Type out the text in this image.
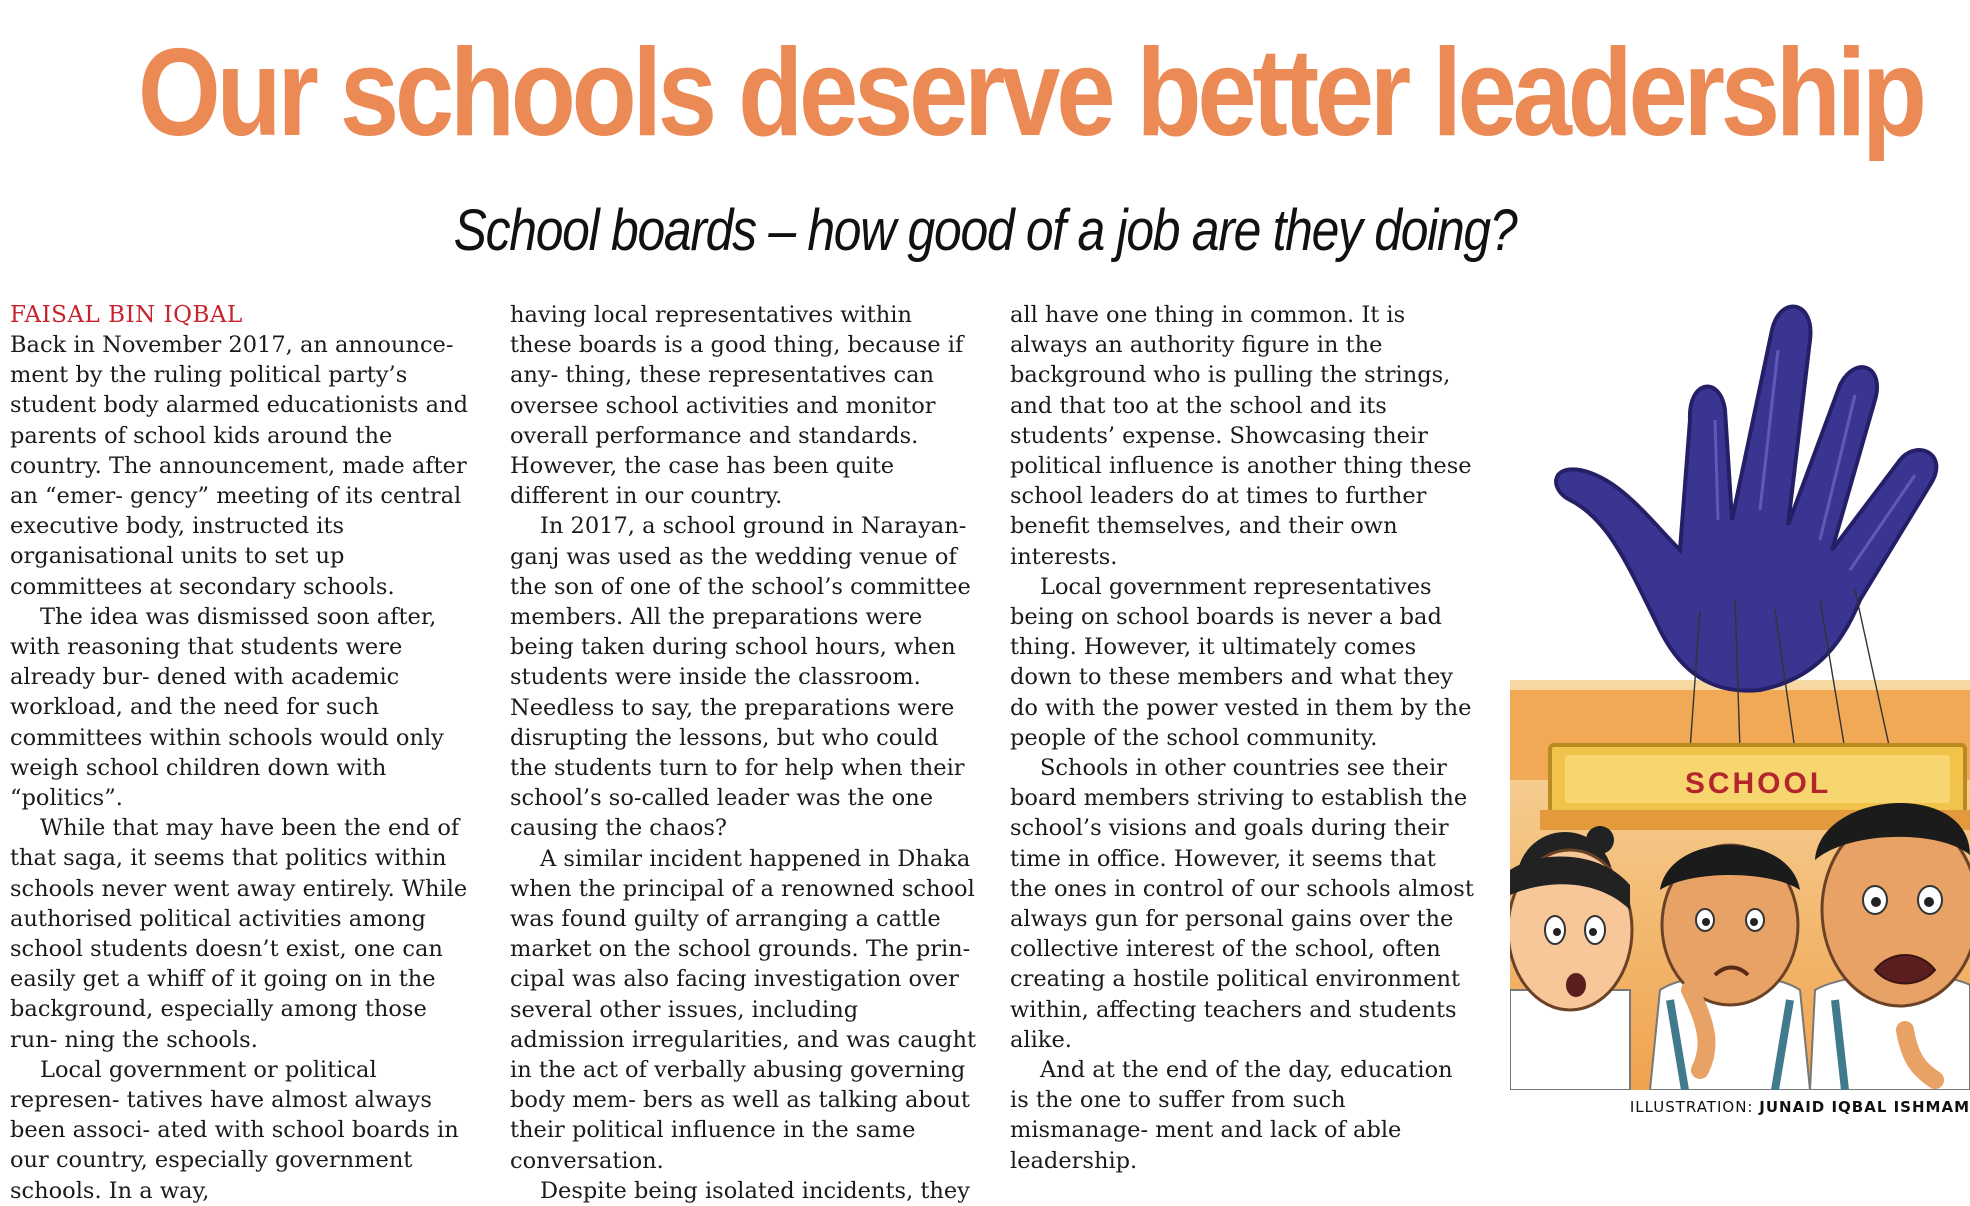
Our schools deserve better leadership
School boards – how good of a job are they doing?
FAISAL BIN IQBAL

Back in November 2017, an announce- ment by the ruling political party’s student body alarmed educationists and parents of school kids around the country. The announcement, made after an “emer- gency” meeting of its central executive body, instructed its organisational units to set up committees at secondary schools.

The idea was dismissed soon after, with reasoning that students were already bur- dened with academic workload, and the need for such committees within schools would only weigh school children down with “politics”.

While that may have been the end of that saga, it seems that politics within schools never went away entirely. While authorised political activities among school students doesn’t exist, one can easily get a whiff of it going on in the background, especially among those run- ning the schools.

Local government or political represen- tatives have almost always been associ- ated with school boards in our country, especially government schools. In a way,

having local representatives within these boards is a good thing, because if any- thing, these representatives can oversee school activities and monitor overall performance and standards. However, the case has been quite different in our country.

In 2017, a school ground in Narayan- ganj was used as the wedding venue of the son of one of the school’s committee members. All the preparations were being taken during school hours, when students were inside the classroom. Needless to say, the preparations were disrupting the lessons, but who could the students turn to for help when their school’s so-called leader was the one causing the chaos?

A similar incident happened in Dhaka when the principal of a renowned school was found guilty of arranging a cattle market on the school grounds. The prin- cipal was also facing investigation over several other issues, including admission irregularities, and was caught in the act of verbally abusing governing body mem- bers as well as talking about their political influence in the same conversation.

Despite being isolated incidents, they

all have one thing in common. It is always an authority figure in the background who is pulling the strings, and that too at the school and its students’ expense. Showcasing their political influence is another thing these school leaders do at times to further benefit themselves, and their own interests.

Local government representatives being on school boards is never a bad thing. However, it ultimately comes down to these members and what they do with the power vested in them by the people of the school community.

Schools in other countries see their board members striving to establish the school’s visions and goals during their time in office. However, it seems that the ones in control of our schools almost always gun for personal gains over the collective interest of the school, often creating a hostile political environment within, affecting teachers and students alike.

And at the end of the day, education is the one to suffer from such mismanage- ment and lack of able leadership.

SCHOOL
ILLUSTRATION: JUNAID IQBAL ISHMAM
